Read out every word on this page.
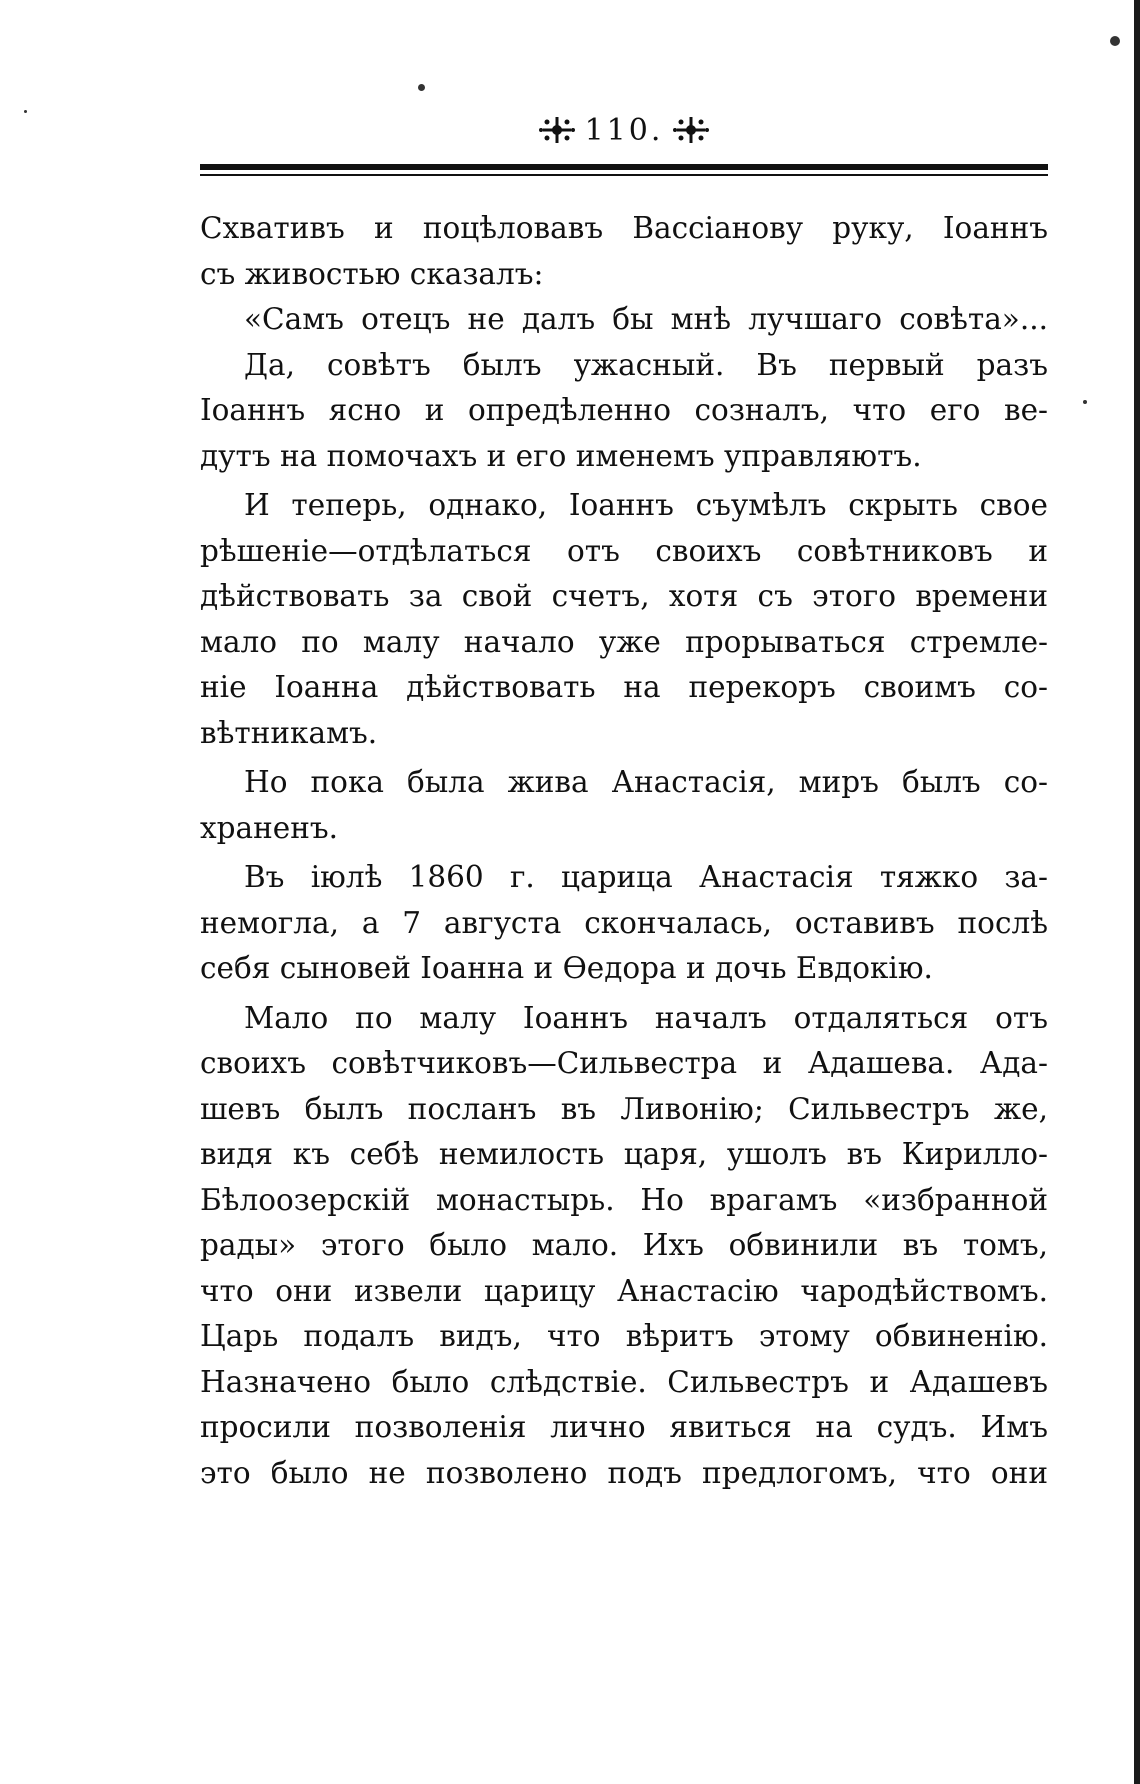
110.
Схвативъ и поцѣловавъ Вассіанову руку, Іоаннъ
съ живостью сказалъ:
«Самъ отецъ не далъ бы мнѣ лучшаго совѣта»...
Да, совѣтъ былъ ужасный. Въ первый разъ
Іоаннъ ясно и опредѣленно созналъ, что его ве-
дутъ на помочахъ и его именемъ управляютъ.
И теперь, однако, Іоаннъ съумѣлъ скрыть свое
рѣшеніе—отдѣлаться отъ своихъ совѣтниковъ и
дѣйствовать за свой счетъ, хотя съ этого времени
мало по малу начало уже прорываться стремле-
ніе Іоанна дѣйствовать на перекоръ своимъ со-
вѣтникамъ.
Но пока была жива Анастасія, миръ былъ со-
храненъ.
Въ іюлѣ 1860 г. царица Анастасія тяжко за-
немогла, а 7 августа скончалась, оставивъ послѣ
себя сыновей Іоанна и Ѳедора и дочь Евдокію.
Мало по малу Іоаннъ началъ отдаляться отъ
своихъ совѣтчиковъ—Сильвестра и Адашева. Ада-
шевъ былъ посланъ въ Ливонію; Сильвестръ же,
видя къ себѣ немилость царя, ушолъ въ Кирилло-
Бѣлоозерскій монастырь. Но врагамъ «избранной
рады» этого было мало. Ихъ обвинили въ томъ,
что они извели царицу Анастасію чародѣйствомъ.
Царь подалъ видъ, что вѣритъ этому обвиненію.
Назначено было слѣдствіе. Сильвестръ и Адашевъ
просили позволенія лично явиться на судъ. Имъ
это было не позволено подъ предлогомъ, что они
